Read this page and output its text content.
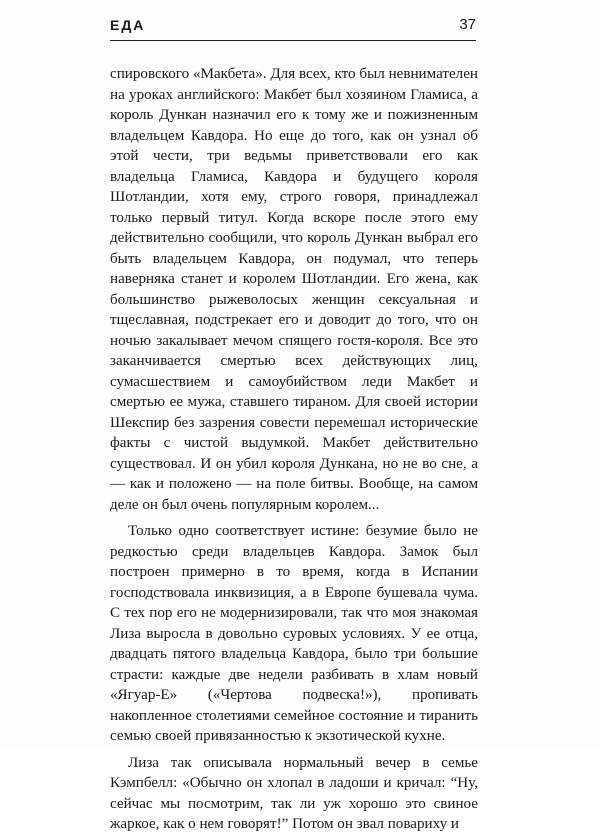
ЕДА	37

спировского «Макбета». Для всех, кто был невнимателен на уроках английского: Макбет был хозяином Гламиса, а король Дункан назначил его к тому же и пожизненным владельцем Кавдора. Но еще до того, как он узнал об этой чести, три ведьмы приветствовали его как владельца Гламиса, Кавдора и будущего короля Шотландии, хотя ему, строго говоря, принадлежал только первый титул. Когда вскоре после этого ему действительно сообщили, что король Дункан выбрал его быть владельцем Кавдора, он подумал, что теперь наверняка станет и королем Шотландии. Его жена, как большинство рыжеволосых женщин сексуальная и тщеславная, подстрекает его и доводит до того, что он ночью закалывает мечом спящего гостя-короля. Все это заканчивается смертью всех действующих лиц, сумасшествием и самоубийством леди Макбет и смертью ее мужа, ставшего тираном. Для своей истории Шекспир без зазрения совести перемешал исторические факты с чистой выдумкой. Макбет действительно существовал. И он убил короля Дункана, но не во сне, а — как и положено — на поле битвы. Вообще, на самом деле он был очень популярным королем...

Только одно соответствует истине: безумие было не редкостью среди владельцев Кавдора. Замок был построен примерно в то время, когда в Испании господствовала инквизиция, а в Европе бушевала чума. С тех пор его не модернизировали, так что моя знакомая Лиза выросла в довольно суровых условиях. У ее отца, двадцать пятого владельца Кавдора, было три большие страсти: каждые две недели разбивать в хлам новый «Ягуар-Е» («Чертова подвеска!»), пропивать накопленное столетиями семейное состояние и тиранить семью своей привязанностью к экзотической кухне.

Лиза так описывала нормальный вечер в семье Кэмпбелл: «Обычно он хлопал в ладоши и кричал: “Ну, сейчас мы посмотрим, так ли уж хорошо это свиное жаркое, как о нем говорят!” Потом он звал повариху и
